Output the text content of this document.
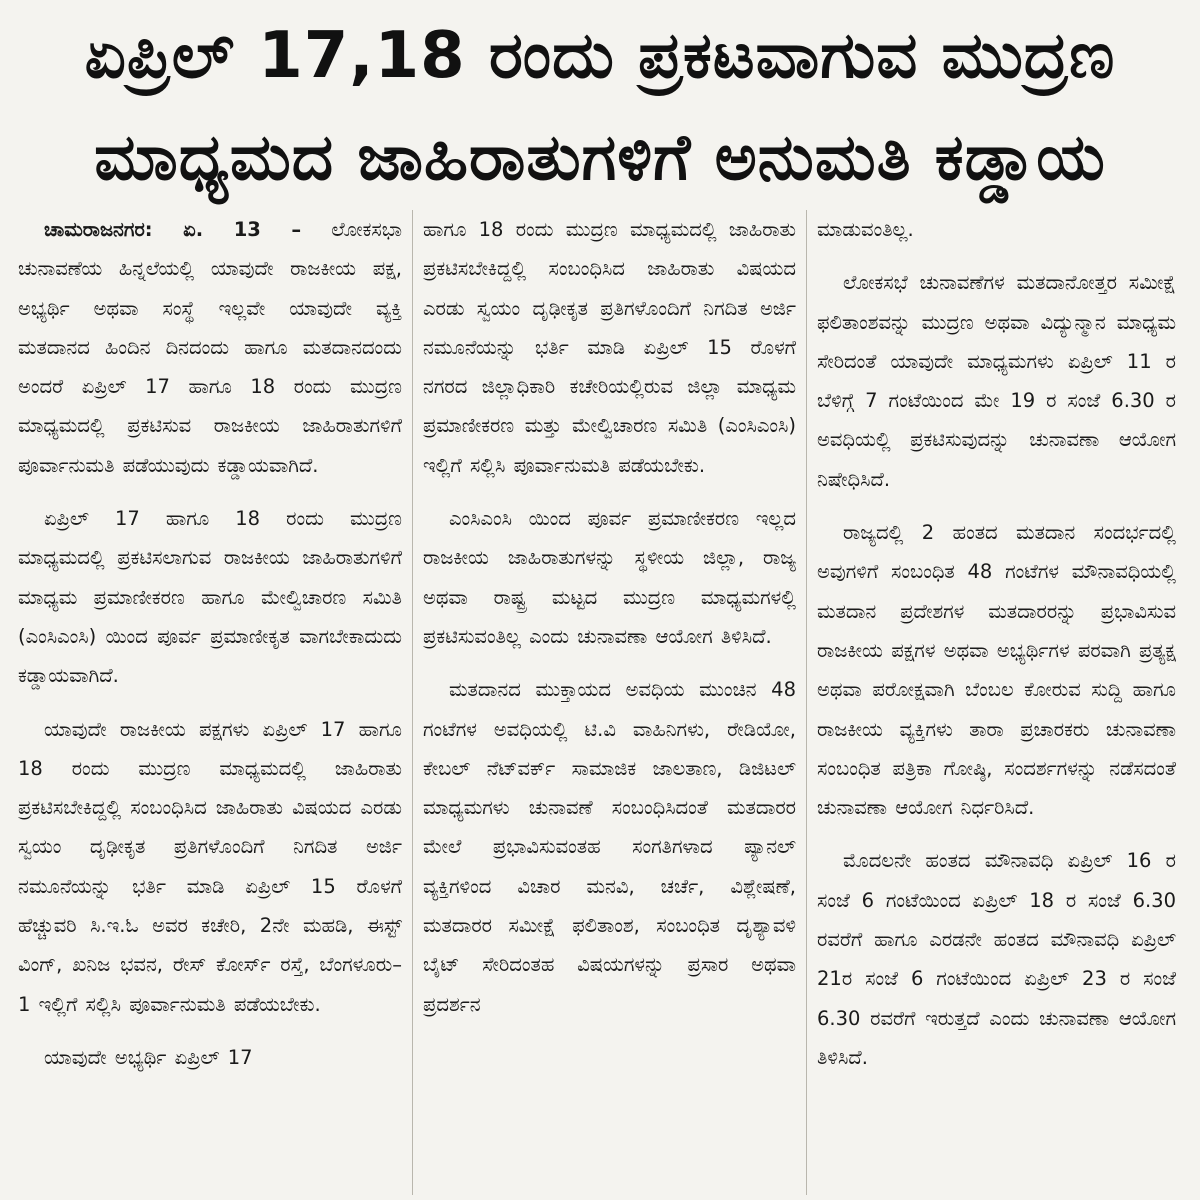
ಏಪ್ರಿಲ್ 17,18 ರಂದು ಪ್ರಕಟವಾಗುವ ಮುದ್ರಣ
ಮಾಧ್ಯಮದ ಜಾಹಿರಾತುಗಳಿಗೆ ಅನುಮತಿ ಕಡ್ಡಾಯ

ಚಾಮರಾಜನಗರ: ಏ. 13 – ಲೋಕಸಭಾ ಚುನಾವಣೆಯ ಹಿನ್ನಲೆಯಲ್ಲಿ ಯಾವುದೇ ರಾಜಕೀಯ ಪಕ್ಷ, ಅಭ್ಯರ್ಥಿ ಅಥವಾ ಸಂಸ್ಥೆ ಇಲ್ಲವೇ ಯಾವುದೇ ವ್ಯಕ್ತಿ ಮತದಾನದ ಹಿಂದಿನ ದಿನದಂದು ಹಾಗೂ ಮತದಾನದಂದು ಅಂದರೆ ಏಪ್ರಿಲ್ 17 ಹಾಗೂ 18 ರಂದು ಮುದ್ರಣ ಮಾಧ್ಯಮದಲ್ಲಿ ಪ್ರಕಟಿಸುವ ರಾಜಕೀಯ ಜಾಹಿರಾತುಗಳಿಗೆ ಪೂರ್ವಾನುಮತಿ ಪಡೆಯುವುದು ಕಡ್ಡಾಯವಾಗಿದೆ.

ಏಪ್ರಿಲ್ 17 ಹಾಗೂ 18 ರಂದು ಮುದ್ರಣ ಮಾಧ್ಯಮದಲ್ಲಿ ಪ್ರಕಟಿಸಲಾಗುವ ರಾಜಕೀಯ ಜಾಹಿರಾತುಗಳಿಗೆ ಮಾಧ್ಯಮ ಪ್ರಮಾಣೀಕರಣ ಹಾಗೂ ಮೇಲ್ವಿಚಾರಣ ಸಮಿತಿ (ಎಂಸಿಎಂಸಿ) ಯಿಂದ ಪೂರ್ವ ಪ್ರಮಾಣೀಕೃತ ವಾಗಬೇಕಾದುದು ಕಡ್ಡಾಯವಾಗಿದೆ.

ಯಾವುದೇ ರಾಜಕೀಯ ಪಕ್ಷಗಳು ಏಪ್ರಿಲ್ 17 ಹಾಗೂ 18 ರಂದು ಮುದ್ರಣ ಮಾಧ್ಯಮದಲ್ಲಿ ಜಾಹಿರಾತು ಪ್ರಕಟಿಸಬೇಕಿದ್ದಲ್ಲಿ ಸಂಬಂಧಿಸಿದ ಜಾಹಿರಾತು ವಿಷಯದ ಎರಡು ಸ್ವಯಂ ದೃಢೀಕೃತ ಪ್ರತಿಗಳೊಂದಿಗೆ ನಿಗದಿತ ಅರ್ಜಿ ನಮೂನೆಯನ್ನು ಭರ್ತಿ ಮಾಡಿ ಏಪ್ರಿಲ್ 15 ರೊಳಗೆ ಹೆಚ್ಚುವರಿ ಸಿ.ಇ.ಓ ಅವರ ಕಚೇರಿ, 2ನೇ ಮಹಡಿ, ಈಸ್ಟ್ ವಿಂಗ್, ಖನಿಜ ಭವನ, ರೇಸ್ ಕೋರ್ಸ್ ರಸ್ತೆ, ಬೆಂಗಳೂರು–1 ಇಲ್ಲಿಗೆ ಸಲ್ಲಿಸಿ ಪೂರ್ವಾನುಮತಿ ಪಡೆಯಬೇಕು.

ಯಾವುದೇ ಅಭ್ಯರ್ಥಿ ಏಪ್ರಿಲ್ 17

ಹಾಗೂ 18 ರಂದು ಮುದ್ರಣ ಮಾಧ್ಯಮದಲ್ಲಿ ಜಾಹಿರಾತು ಪ್ರಕಟಿಸಬೇಕಿದ್ದಲ್ಲಿ ಸಂಬಂಧಿಸಿದ ಜಾಹಿರಾತು ವಿಷಯದ ಎರಡು ಸ್ವಯಂ ದೃಢೀಕೃತ ಪ್ರತಿಗಳೊಂದಿಗೆ ನಿಗದಿತ ಅರ್ಜಿ ನಮೂನೆಯನ್ನು ಭರ್ತಿ ಮಾಡಿ ಏಪ್ರಿಲ್ 15 ರೊಳಗೆ ನಗರದ ಜಿಲ್ಲಾಧಿಕಾರಿ ಕಚೇರಿಯಲ್ಲಿರುವ ಜಿಲ್ಲಾ ಮಾಧ್ಯಮ ಪ್ರಮಾಣೀಕರಣ ಮತ್ತು ಮೇಲ್ವಿಚಾರಣ ಸಮಿತಿ (ಎಂಸಿಎಂಸಿ) ಇಲ್ಲಿಗೆ ಸಲ್ಲಿಸಿ ಪೂರ್ವಾನುಮತಿ ಪಡೆಯಬೇಕು.

ಎಂಸಿಎಂಸಿ ಯಿಂದ ಪೂರ್ವ ಪ್ರಮಾಣೀಕರಣ ಇಲ್ಲದ ರಾಜಕೀಯ ಜಾಹಿರಾತುಗಳನ್ನು ಸ್ಥಳೀಯ ಜಿಲ್ಲಾ, ರಾಜ್ಯ ಅಥವಾ ರಾಷ್ಟ್ರ ಮಟ್ಟದ ಮುದ್ರಣ ಮಾಧ್ಯಮಗಳಲ್ಲಿ ಪ್ರಕಟಿಸುವಂತಿಲ್ಲ ಎಂದು ಚುನಾವಣಾ ಆಯೋಗ ತಿಳಿಸಿದೆ.

ಮತದಾನದ ಮುಕ್ತಾಯದ ಅವಧಿಯ ಮುಂಚಿನ 48 ಗಂಟೆಗಳ ಅವಧಿಯಲ್ಲಿ ಟಿ.ವಿ ವಾಹಿನಿಗಳು, ರೇಡಿಯೋ, ಕೇಬಲ್ ನೆಟ್‌ವರ್ಕ್ ಸಾಮಾಜಿಕ ಜಾಲತಾಣ, ಡಿಜಿಟಲ್ ಮಾಧ್ಯಮಗಳು ಚುನಾವಣೆ ಸಂಬಂಧಿಸಿದಂತೆ ಮತದಾರರ ಮೇಲೆ ಪ್ರಭಾವಿಸುವಂತಹ ಸಂಗತಿಗಳಾದ ಪ್ಯಾನಲ್ ವ್ಯಕ್ತಿಗಳಿಂದ ವಿಚಾರ ಮನವಿ, ಚರ್ಚೆ, ವಿಶ್ಲೇಷಣೆ, ಮತದಾರರ ಸಮೀಕ್ಷೆ ಫಲಿತಾಂಶ, ಸಂಬಂಧಿತ ದೃಶ್ಯಾವಳಿ ಬೈಟ್ ಸೇರಿದಂತಹ ವಿಷಯಗಳನ್ನು ಪ್ರಸಾರ ಅಥವಾ ಪ್ರದರ್ಶನ

ಮಾಡುವಂತಿಲ್ಲ.

ಲೋಕಸಭೆ ಚುನಾವಣೆಗಳ ಮತದಾನೋತ್ತರ ಸಮೀಕ್ಷೆ ಫಲಿತಾಂಶವನ್ನು ಮುದ್ರಣ ಅಥವಾ ವಿದ್ಯುನ್ಮಾನ ಮಾಧ್ಯಮ ಸೇರಿದಂತೆ ಯಾವುದೇ ಮಾಧ್ಯಮಗಳು ಏಪ್ರಿಲ್ 11 ರ ಬೆಳಿಗ್ಗೆ 7 ಗಂಟೆಯಿಂದ ಮೇ 19 ರ ಸಂಜೆ 6.30 ರ ಅವಧಿಯಲ್ಲಿ ಪ್ರಕಟಿಸುವುದನ್ನು ಚುನಾವಣಾ ಆಯೋಗ ನಿಷೇಧಿಸಿದೆ.

ರಾಜ್ಯದಲ್ಲಿ 2 ಹಂತದ ಮತದಾನ ಸಂದರ್ಭದಲ್ಲಿ ಅವುಗಳಿಗೆ ಸಂಬಂಧಿತ 48 ಗಂಟೆಗಳ ಮೌನಾವಧಿಯಲ್ಲಿ ಮತದಾನ ಪ್ರದೇಶಗಳ ಮತದಾರರನ್ನು ಪ್ರಭಾವಿಸುವ ರಾಜಕೀಯ ಪಕ್ಷಗಳ ಅಥವಾ ಅಭ್ಯರ್ಥಿಗಳ ಪರವಾಗಿ ಪ್ರತ್ಯಕ್ಷ ಅಥವಾ ಪರೋಕ್ಷವಾಗಿ ಬೆಂಬಲ ಕೋರುವ ಸುದ್ದಿ ಹಾಗೂ ರಾಜಕೀಯ ವ್ಯಕ್ತಿಗಳು ತಾರಾ ಪ್ರಚಾರಕರು ಚುನಾವಣಾ ಸಂಬಂಧಿತ ಪತ್ರಿಕಾ ಗೋಷ್ಠಿ, ಸಂದರ್ಶಗಳನ್ನು ನಡೆಸದಂತೆ ಚುನಾವಣಾ ಆಯೋಗ ನಿರ್ಧರಿಸಿದೆ.

ಮೊದಲನೇ ಹಂತದ ಮೌನಾವಧಿ ಏಪ್ರಿಲ್ 16 ರ ಸಂಜೆ 6 ಗಂಟೆಯಿಂದ ಏಪ್ರಿಲ್ 18 ರ ಸಂಜೆ 6.30 ರವರೆಗೆ ಹಾಗೂ ಎರಡನೇ ಹಂತದ ಮೌನಾವಧಿ ಏಪ್ರಿಲ್ 21ರ ಸಂಜೆ 6 ಗಂಟೆಯಿಂದ ಏಪ್ರಿಲ್ 23 ರ ಸಂಜೆ 6.30 ರವರೆಗೆ ಇರುತ್ತದೆ ಎಂದು ಚುನಾವಣಾ ಆಯೋಗ ತಿಳಿಸಿದೆ.
